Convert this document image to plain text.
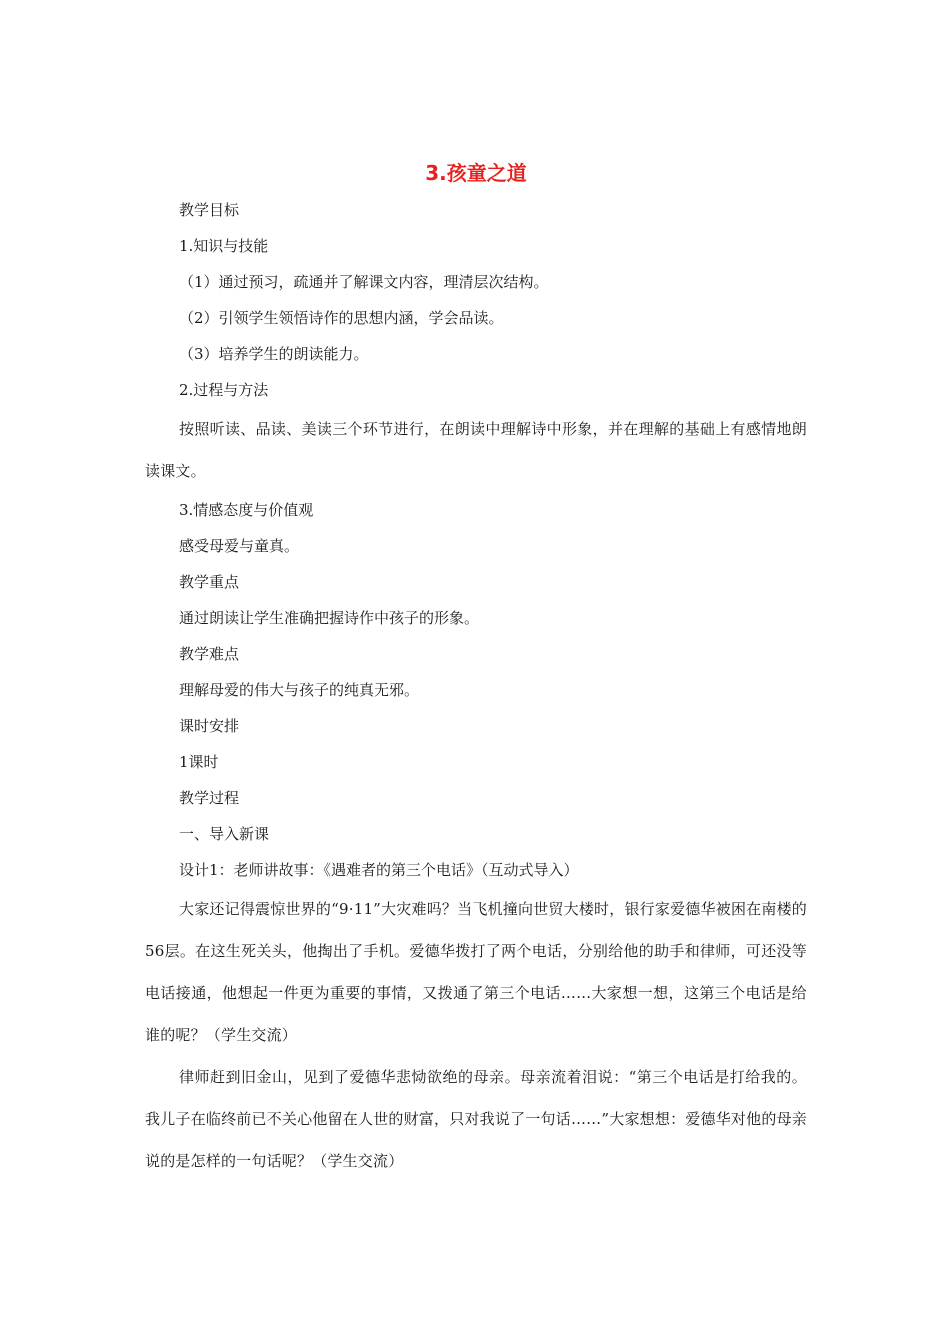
3.孩童之道
教学目标
1.知识与技能
（1）通过预习，疏通并了解课文内容，理清层次结构。
（2）引领学生领悟诗作的思想内涵，学会品读。
（3）培养学生的朗读能力。
2.过程与方法

按照听读、品读、美读三个环节进行，在朗读中理解诗中形象，并在理解的基础上有感情地朗读课文。

3.情感态度与价值观
感受母爱与童真。
教学重点
通过朗读让学生准确把握诗作中孩子的形象。
教学难点
理解母爱的伟大与孩子的纯真无邪。
课时安排
1课时
教学过程
一、导入新课
设计1：老师讲故事：《遇难者的第三个电话》（互动式导入）

大家还记得震惊世界的“9·11”大灾难吗？当飞机撞向世贸大楼时，银行家爱德华被困在南楼的56层。在这生死关头，他掏出了手机。爱德华拨打了两个电话，分别给他的助手和律师，可还没等电话接通，他想起一件更为重要的事情，又拨通了第三个电话……大家想一想，这第三个电话是给谁的呢？（学生交流）

律师赶到旧金山，见到了爱德华悲恸欲绝的母亲。母亲流着泪说：“第三个电话是打给我的。我儿子在临终前已不关心他留在人世的财富，只对我说了一句话……”大家想想：爱德华对他的母亲说的是怎样的一句话呢？（学生交流）
